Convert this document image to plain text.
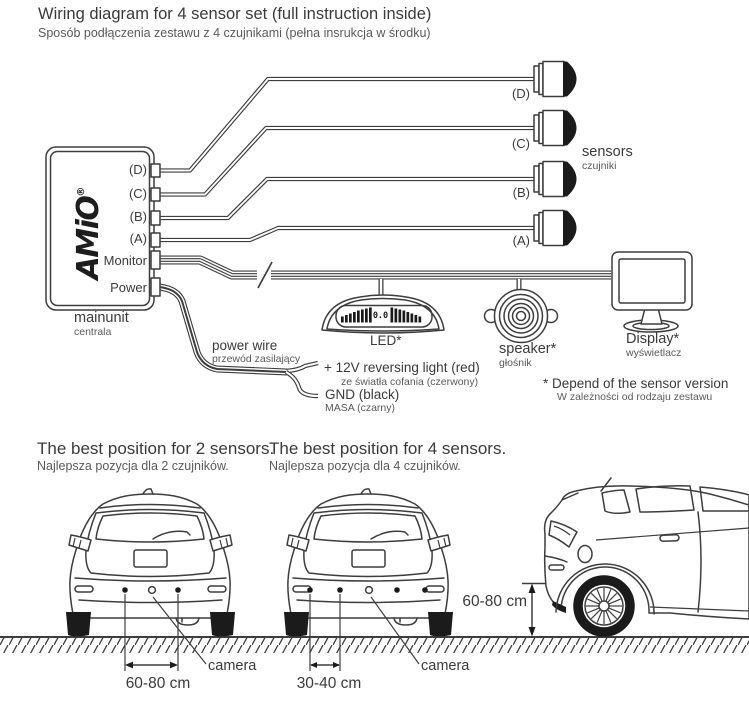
Wiring diagram for 4 sensor set (full instruction inside)
Sposób podłączenia zestawu z 4 czujnikami (pełna insrukcja w środku)
AMiO®
(D)
(C)
(B)
(A)
Monitor
Power
mainunit
centrala
(D)
(C)
(B)
(A)
sensors
czujniki
0.0
LED*
speaker*
głośnik
Display*
wyświetlacz
power wire
przewód zasilający
+ 12V reversing light (red)
ze światła cofania (czerwony)
GND (black)
MASA (czarny)
* Depend of the sensor version
W zależności od rodzaju zestawu
The best position for 2 sensors.
Najlepsza pozycja dla 2 czujników.
The best position for 4 sensors.
Najlepsza pozycja dla 4 czujników.
60-80 cm
camera
30-40 cm
camera
60-80 cm
